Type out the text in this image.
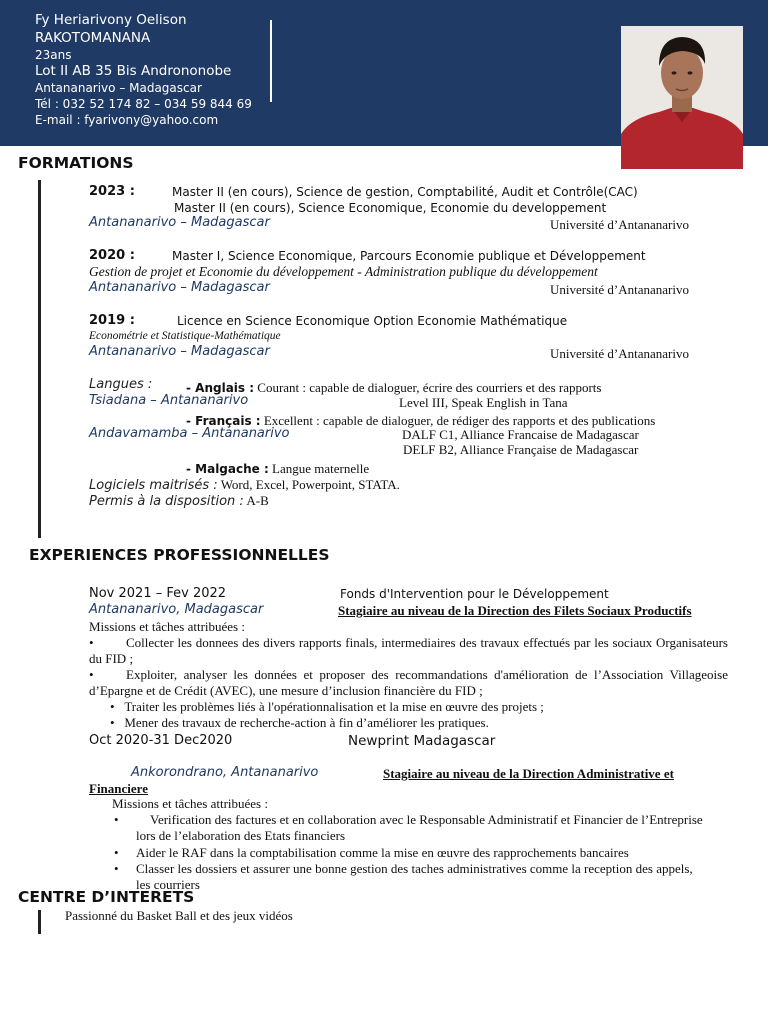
Fy Heriarivony Oelison
RAKOTOMANANA
23ans
Lot II AB 35 Bis Andrononobe
Antananarivo – Madagascar
Tél : 032 52 174 82 – 034 59 844 69
E-mail : fyarivony@yahoo.com
FORMATIONS
2023 :	Master II (en cours), Science de gestion, Comptabilité, Audit et Contrôle(CAC)
Master II (en cours), Science Economique, Economie du developpement
Antananarivo – Madagascar	Université d’Antananarivo
2020 :	Master I, Science Economique, Parcours Economie publique et Développement
Gestion de projet et Economie du développement - Administration publique du développement
Antananarivo – Madagascar	Université d’Antananarivo
2019 :	Licence en Science Economique Option Economie Mathématique
Econométrie et Statistique-Mathématique
Antananarivo – Madagascar	Université d’Antananarivo
Langues :	- Anglais : Courant : capable de dialoguer, écrire des courriers et des rapports
Tsiadana – Antananarivo	Level III, Speak English in Tana
- Français : Excellent : capable de dialoguer, de rédiger des rapports et des publications
Andavamamba – Antananarivo	DALF C1, Alliance Francaise de Madagascar
DELF B2, Alliance Française de Madagascar
- Malgache : Langue maternelle
Logiciels maitrisés : Word, Excel, Powerpoint, STATA.
Permis à la disposition : A-B
EXPERIENCES PROFESSIONNELLES
Nov 2021 – Fev 2022	Fonds d'Intervention pour le Développement
Antananarivo, Madagascar	Stagiaire au niveau de la Direction des Filets Sociaux Productifs
Missions et tâches attribuées :
•  Collecter les donnees des divers rapports finals, intermediaires des travaux effectués par les sociaux Organisateurs du FID ;
•  Exploiter, analyser les données et proposer des recommandations d'amélioration de l’Association Villageoise d’Epargne et de Crédit (AVEC), une mesure d’inclusion financière du FID ;
•   Traiter les problèmes liés à l'opérationnalisation et la mise en œuvre des projets ;
•   Mener des travaux de recherche-action à fin d’améliorer les pratiques.
Oct 2020-31 Dec2020	Newprint Madagascar
Ankorondrano, Antananarivo	Stagiaire au niveau de la Direction Administrative et
Financiere
Missions et tâches attribuées :
• Verification des factures et en collaboration avec le Responsable Administratif et Financier de l’Entreprise lors de l’elaboration des Etats financiers
• Aider le RAF dans la comptabilisation comme la mise en œuvre des rapprochements bancaires
• Classer les dossiers et assurer une bonne gestion des taches administratives comme la reception des appels, les courriers
CENTRE D’INTERETS
Passionné du Basket Ball et des jeux vidéos
